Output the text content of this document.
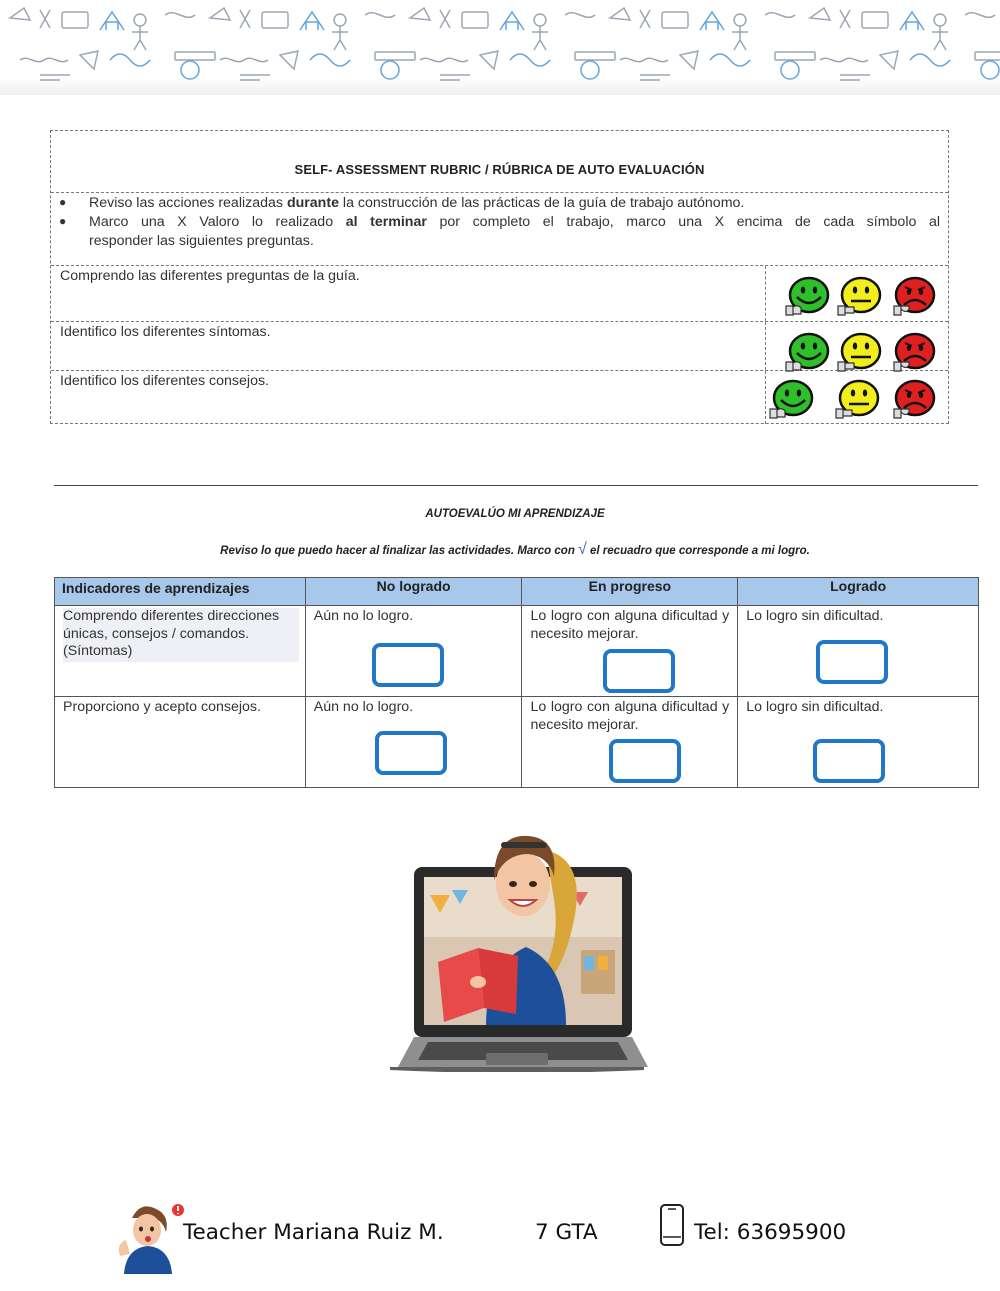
SELF- ASSESSMENT RUBRIC / RÚBRICA DE AUTO EVALUACIÓN
● Reviso las acciones realizadas durante la construcción de las prácticas de la guía de trabajo autónomo.
● Marco una X Valoro lo realizado al terminar por completo el trabajo, marco una X encima de cada símbolo al
responder las siguientes preguntas.
Comprendo las diferentes preguntas de la guía.
Identifico los diferentes síntomas.
Identifico los diferentes consejos.
AUTOEVALÚO MI APRENDIZAJE
Reviso lo que puedo hacer al finalizar las actividades. Marco con √ el recuadro que corresponde a mi logro.
Indicadores de aprendizajes	No logrado	En progreso	Logrado
Comprendo diferentes direcciones únicas, consejos / comandos. (Síntomas)	Aún no lo logro.	Lo logro con alguna dificultad y necesito mejorar.	Lo logro sin dificultad.

Proporciono y acepto consejos.	Aún no lo logro.	Lo logro con alguna dificultad y necesito mejorar.	Lo logro sin dificultad.
Teacher Mariana Ruiz M.	7 GTA	Tel: 63695900
